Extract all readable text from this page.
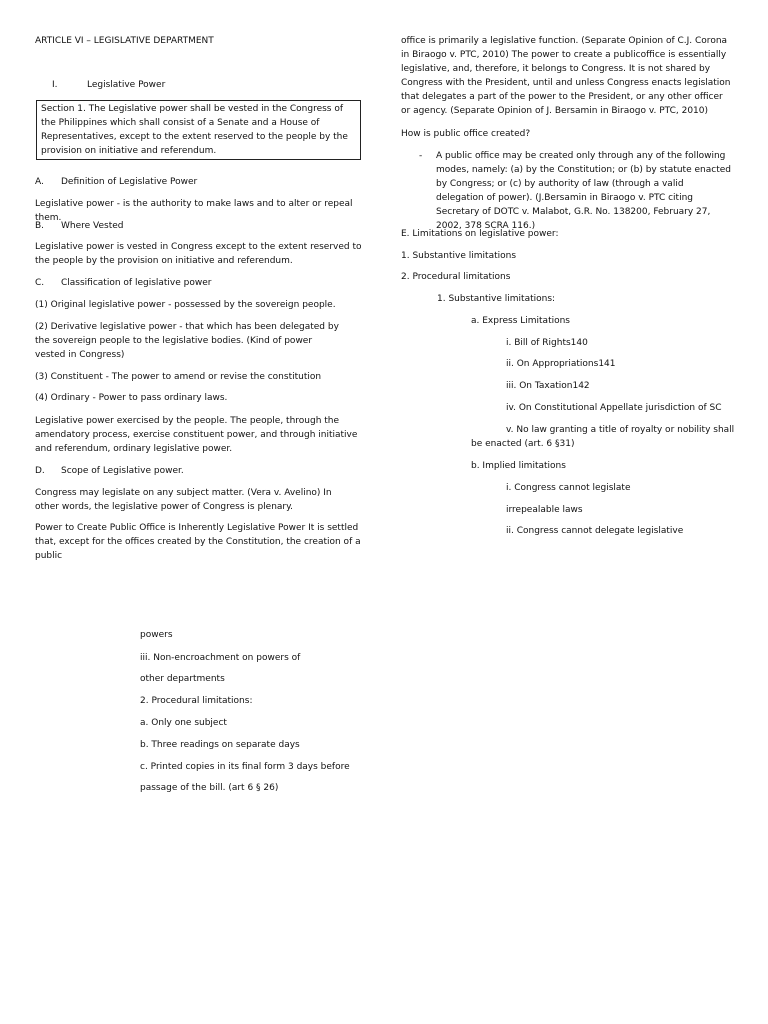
ARTICLE VI – LEGISLATIVE DEPARTMENT

I.	Legislative Power

Section 1. The Legislative power shall be vested in the Congress of the Philippines which shall consist of a Senate and a House of Representatives, except to the extent reserved to the people by the provision on initiative and referendum.

A. Definition of Legislative Power

Legislative power - is the authority to make laws and to alter or repeal them.

B. Where Vested

Legislative power is vested in Congress except to the extent reserved to the people by the provision on initiative and referendum.

C. Classification of legislative power

(1) Original legislative power - possessed by the sovereign people.

(2) Derivative legislative power - that which has been delegated by the sovereign people to the legislative bodies. (Kind of power vested in Congress)

(3) Constituent - The power to amend or revise the constitution

(4) Ordinary - Power to pass ordinary laws.

Legislative power exercised by the people. The people, through the amendatory process, exercise constituent power, and through initiative and referendum, ordinary legislative power.

D. Scope of Legislative power.

Congress may legislate on any subject matter. (Vera v. Avelino) In other words, the legislative power of Congress is plenary.

Power to Create Public Office is Inherently Legislative Power It is settled that, except for the offices created by the Constitution, the creation of a public

office is primarily a legislative function. (Separate Opinion of C.J. Corona in Biraogo v. PTC, 2010) The power to create a publicoffice is essentially legislative, and, therefore, it belongs to Congress. It is not shared by Congress with the President, until and unless Congress enacts legislation that delegates a part of the power to the President, or any other officer or agency. (Separate Opinion of J. Bersamin in Biraogo v. PTC, 2010)

How is public office created?

- A public office may be created only through any of the following modes, namely: (a) by the Constitution; or (b) by statute enacted by Congress; or (c) by authority of law (through a valid delegation of power). (J.Bersamin in Biraogo v. PTC citing Secretary of DOTC v. Malabot, G.R. No. 138200, February 27, 2002, 378 SCRA 116.)

E. Limitations on legislative power:

1. Substantive limitations

2. Procedural limitations

1. Substantive limitations:

a. Express Limitations

i. Bill of Rights140

ii. On Appropriations141

iii. On Taxation142

iv. On Constitutional Appellate jurisdiction of SC

v. No law granting a title of royalty or nobility shall

be enacted (art. 6 §31)

b. Implied limitations

i. Congress cannot legislate

irrepealable laws

ii. Congress cannot delegate legislative

powers

iii. Non-encroachment on powers of

other departments

2. Procedural limitations:

a. Only one subject

b. Three readings on separate days

c. Printed copies in its final form 3 days before

passage of the bill. (art 6 § 26)
